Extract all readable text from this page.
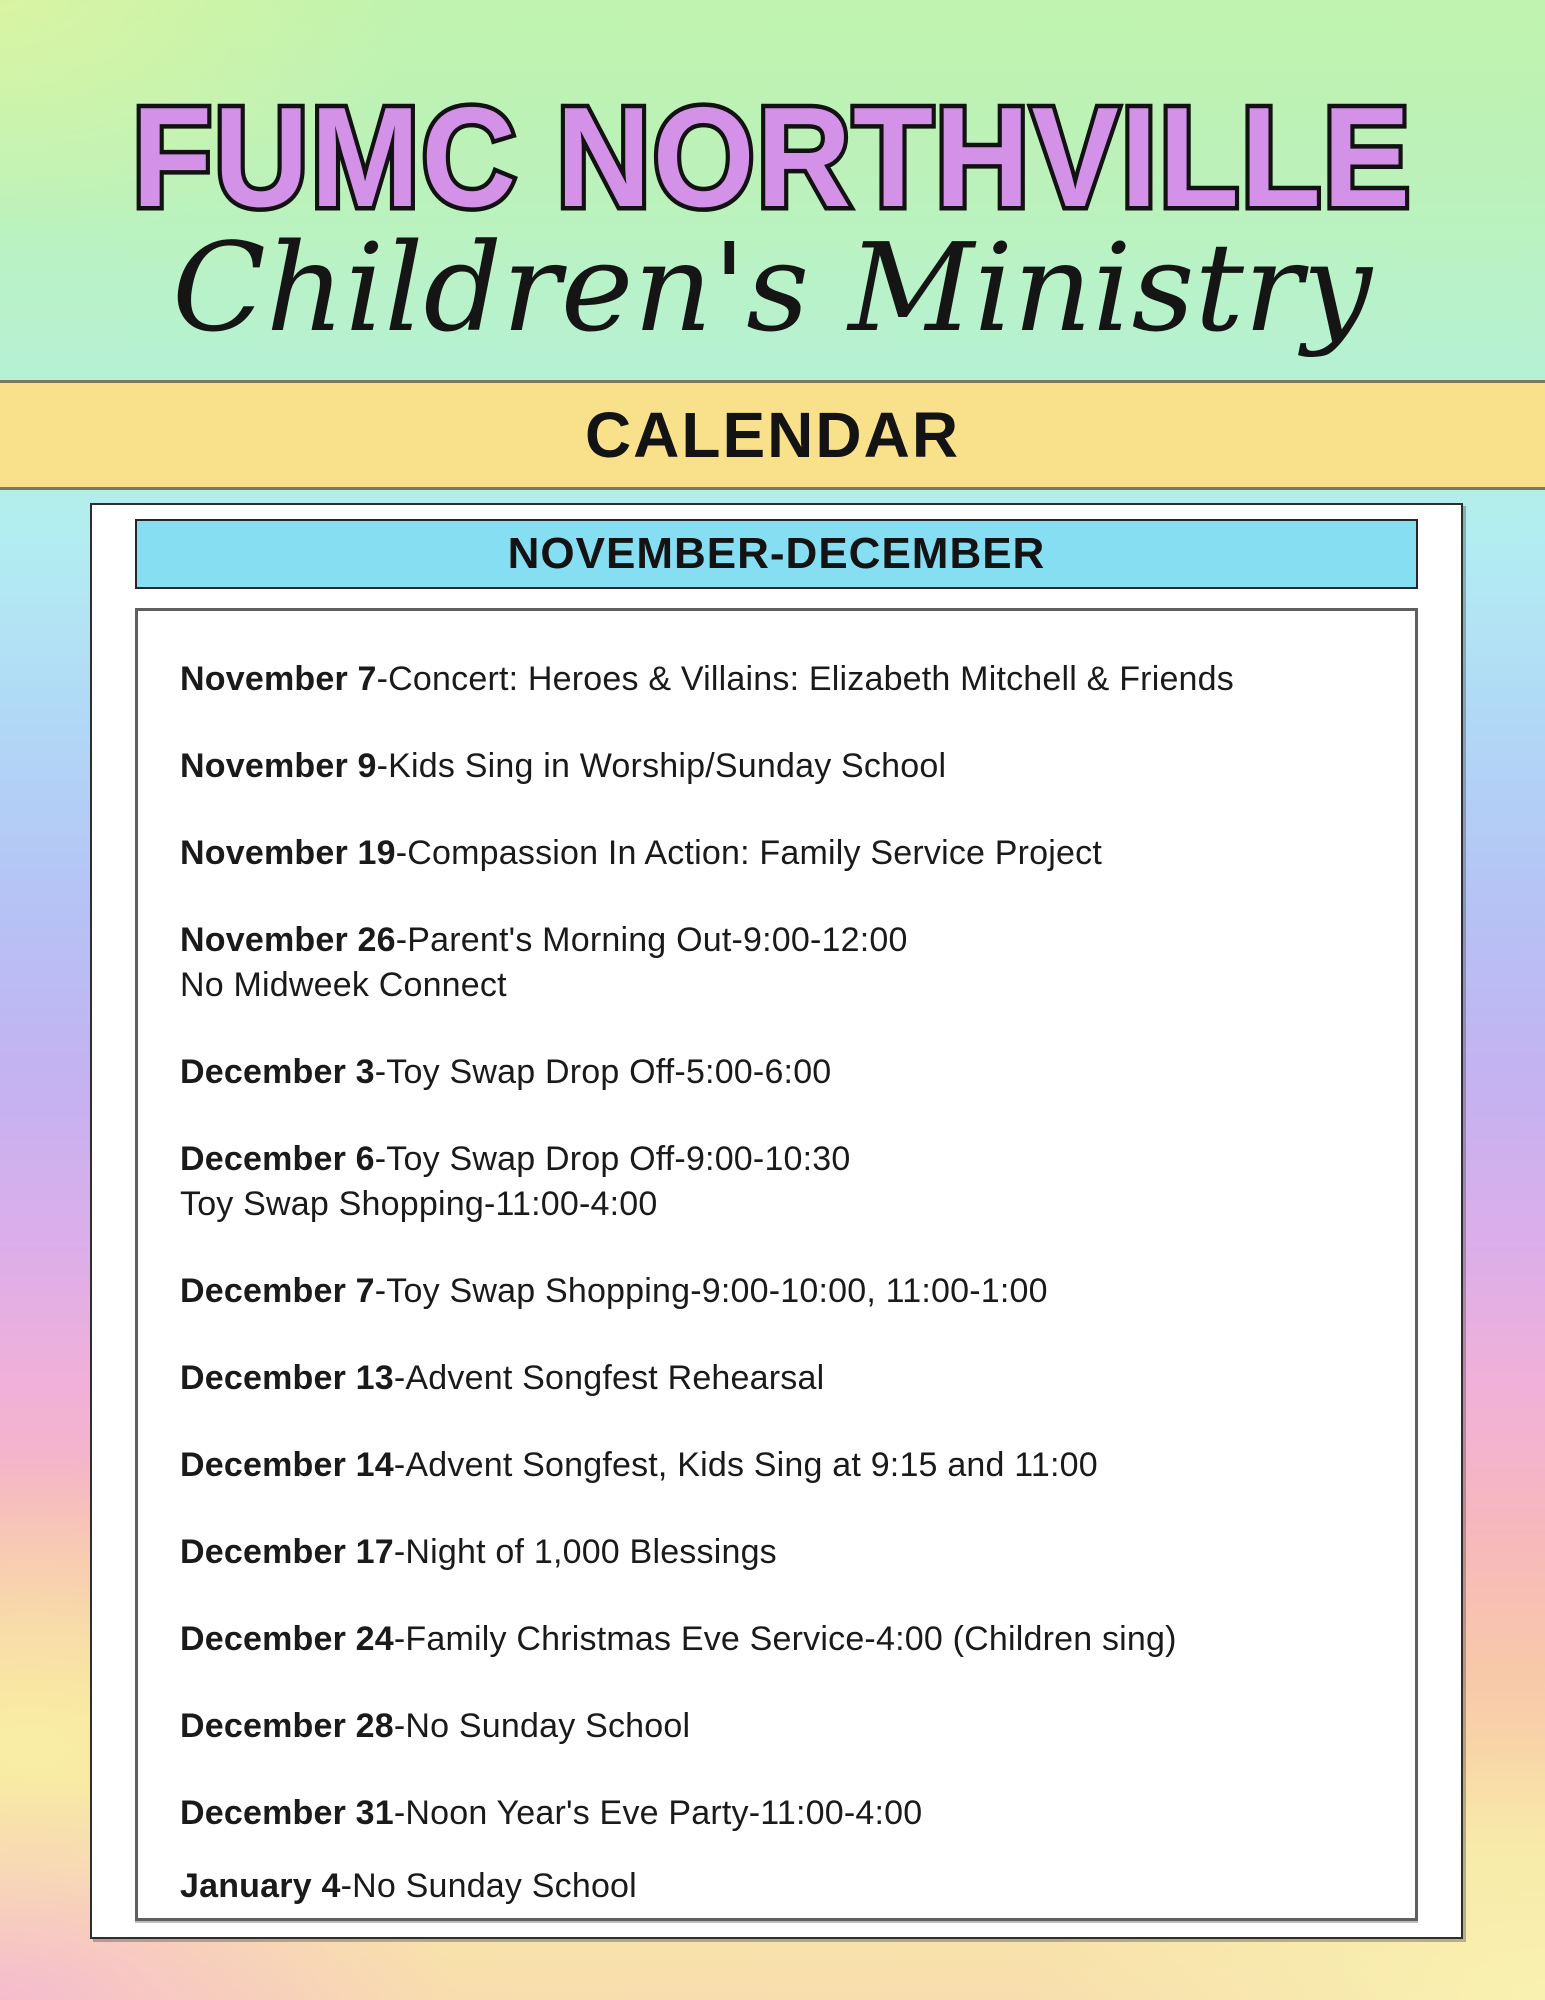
FUMC NORTHVILLE
Children's Ministry
CALENDAR
NOVEMBER-DECEMBER

November 7-Concert: Heroes & Villains: Elizabeth Mitchell & Friends

November 9-Kids Sing in Worship/Sunday School

November 19-Compassion In Action: Family Service Project

November 26-Parent's Morning Out-9:00-12:00

No Midweek Connect

December 3-Toy Swap Drop Off-5:00-6:00

December 6-Toy Swap Drop Off-9:00-10:30

Toy Swap Shopping-11:00-4:00

December 7-Toy Swap Shopping-9:00-10:00, 11:00-1:00

December 13-Advent Songfest Rehearsal

December 14-Advent Songfest, Kids Sing at 9:15 and 11:00

December 17-Night of 1,000 Blessings

December 24-Family Christmas Eve Service-4:00 (Children sing)

December 28-No Sunday School

December 31-Noon Year's Eve Party-11:00-4:00

January 4-No Sunday School
